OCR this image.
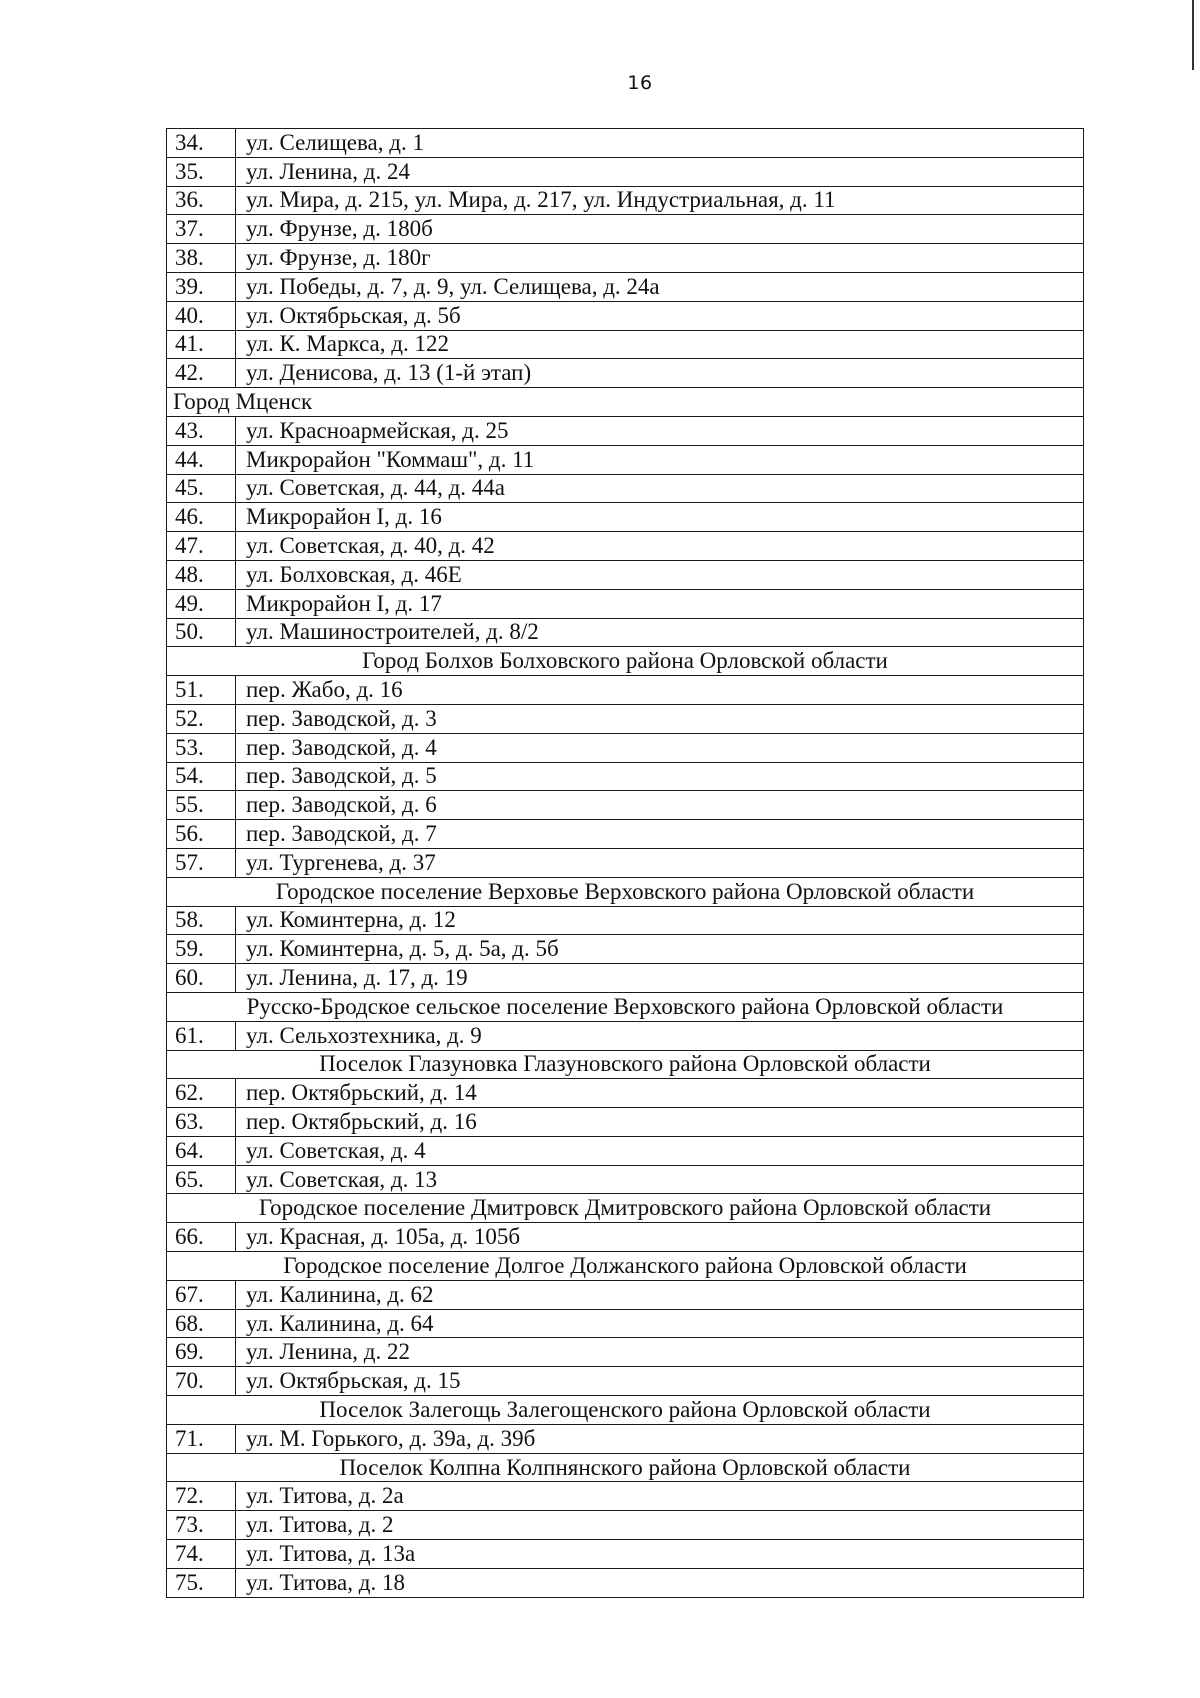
16
34.	ул. Селищева, д. 1
35.	ул. Ленина, д. 24
36.	ул. Мира, д. 215, ул. Мира, д. 217, ул. Индустриальная, д. 11
37.	ул. Фрунзе, д. 180б
38.	ул. Фрунзе, д. 180г
39.	ул. Победы, д. 7, д. 9, ул. Селищева, д. 24а
40.	ул. Октябрьская, д. 5б
41.	ул. К. Маркса, д. 122
42.	ул. Денисова, д. 13 (1-й этап)
Город Мценск	
43.	ул. Красноармейская, д. 25
44.	Микрорайон "Коммаш", д. 11
45.	ул. Советская, д. 44, д. 44а
46.	Микрорайон I, д. 16
47.	ул. Советская, д. 40, д. 42
48.	ул. Болховская, д. 46Е
49.	Микрорайон I, д. 17
50.	ул. Машиностроителей, д. 8/2
Город Болхов Болховского района Орловской области	
51.	пер. Жабо, д. 16
52.	пер. Заводской, д. 3
53.	пер. Заводской, д. 4
54.	пер. Заводской, д. 5
55.	пер. Заводской, д. 6
56.	пер. Заводской, д. 7
57.	ул. Тургенева, д. 37
Городское поселение Верховье Верховского района Орловской области	
58.	ул. Коминтерна, д. 12
59.	ул. Коминтерна, д. 5, д. 5а, д. 5б
60.	ул. Ленина, д. 17, д. 19
Русско-Бродское сельское поселение Верховского района Орловской области	
61.	ул. Сельхозтехника, д. 9
Поселок Глазуновка Глазуновского района Орловской области	
62.	пер. Октябрьский, д. 14
63.	пер. Октябрьский, д. 16
64.	ул. Советская, д. 4
65.	ул. Советская, д. 13
Городское поселение Дмитровск Дмитровского района Орловской области	
66.	ул. Красная, д. 105а, д. 105б
Городское поселение Долгое Должанского района Орловской области	
67.	ул. Калинина, д. 62
68.	ул. Калинина, д. 64
69.	ул. Ленина, д. 22
70.	ул. Октябрьская, д. 15
Поселок Залегощь Залегощенского района Орловской области	
71.	ул. М. Горького, д. 39а, д. 39б
Поселок Колпна Колпнянского района Орловской области	
72.	ул. Титова, д. 2а
73.	ул. Титова, д. 2
74.	ул. Титова, д. 13а
75.	ул. Титова, д. 18
